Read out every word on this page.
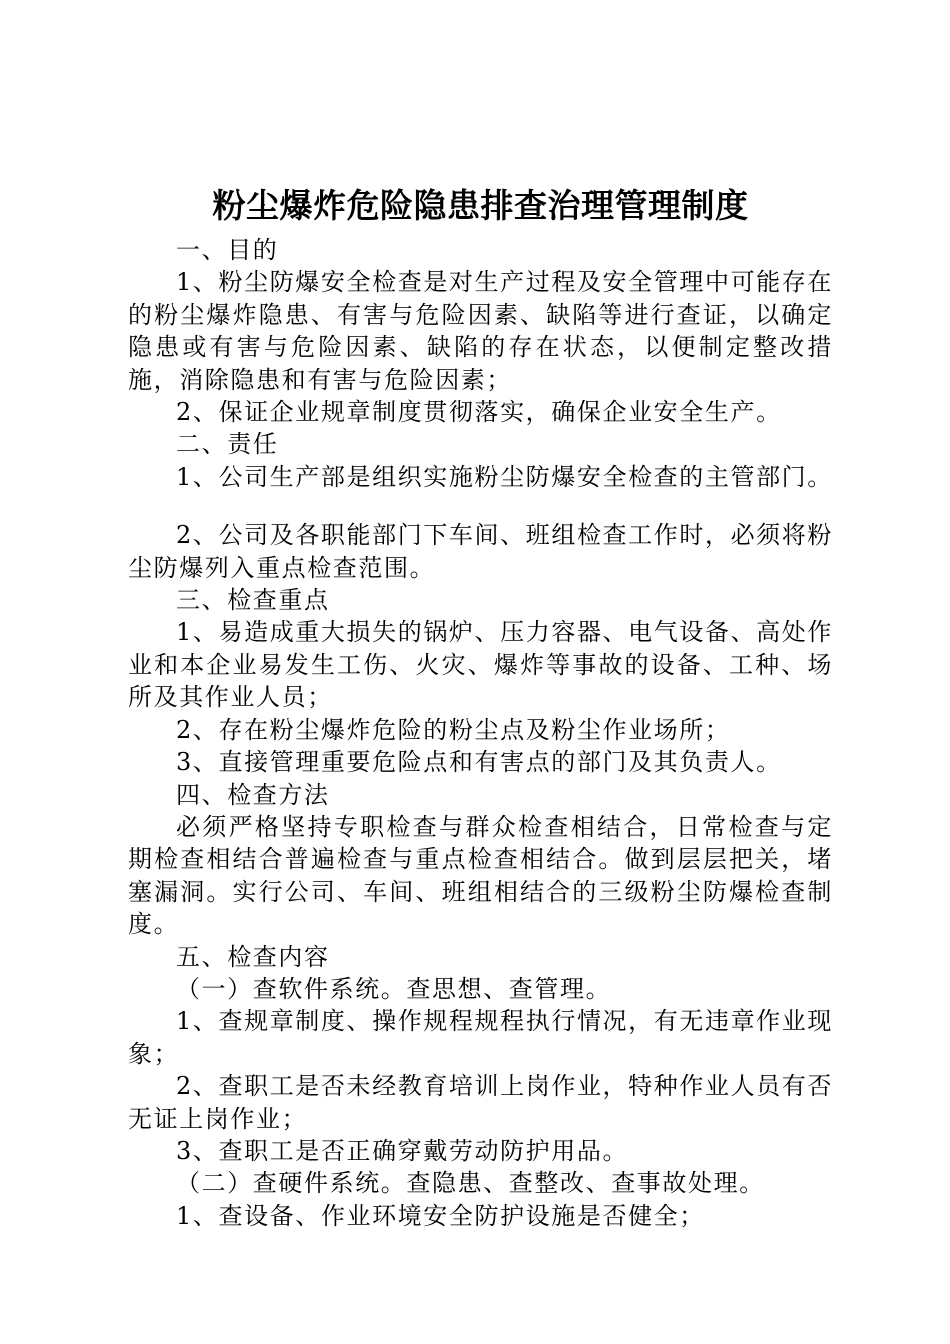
粉尘爆炸危险隐患排查治理管理制度

一、目的

1、粉尘防爆安全检查是对生产过程及安全管理中可能存在的粉尘爆炸隐患、有害与危险因素、缺陷等进行查证，以确定隐患或有害与危险因素、缺陷的存在状态，以便制定整改措施，消除隐患和有害与危险因素；

2、保证企业规章制度贯彻落实，确保企业安全生产。

二、责任

1、公司生产部是组织实施粉尘防爆安全检查的主管部门。

2、公司及各职能部门下车间、班组检查工作时，必须将粉尘防爆列入重点检查范围。

三、检查重点

1、易造成重大损失的锅炉、压力容器、电气设备、高处作业和本企业易发生工伤、火灾、爆炸等事故的设备、工种、场所及其作业人员；

2、存在粉尘爆炸危险的粉尘点及粉尘作业场所；

3、直接管理重要危险点和有害点的部门及其负责人。

四、检查方法

必须严格坚持专职检查与群众检查相结合，日常检查与定期检查相结合普遍检查与重点检查相结合。做到层层把关，堵塞漏洞。实行公司、车间、班组相结合的三级粉尘防爆检查制度。

五、检查内容

（一）查软件系统。查思想、查管理。

1、查规章制度、操作规程规程执行情况，有无违章作业现象；

2、查职工是否未经教育培训上岗作业，特种作业人员有否无证上岗作业；

3、查职工是否正确穿戴劳动防护用品。

（二）查硬件系统。查隐患、查整改、查事故处理。

1、查设备、作业环境安全防护设施是否健全；
